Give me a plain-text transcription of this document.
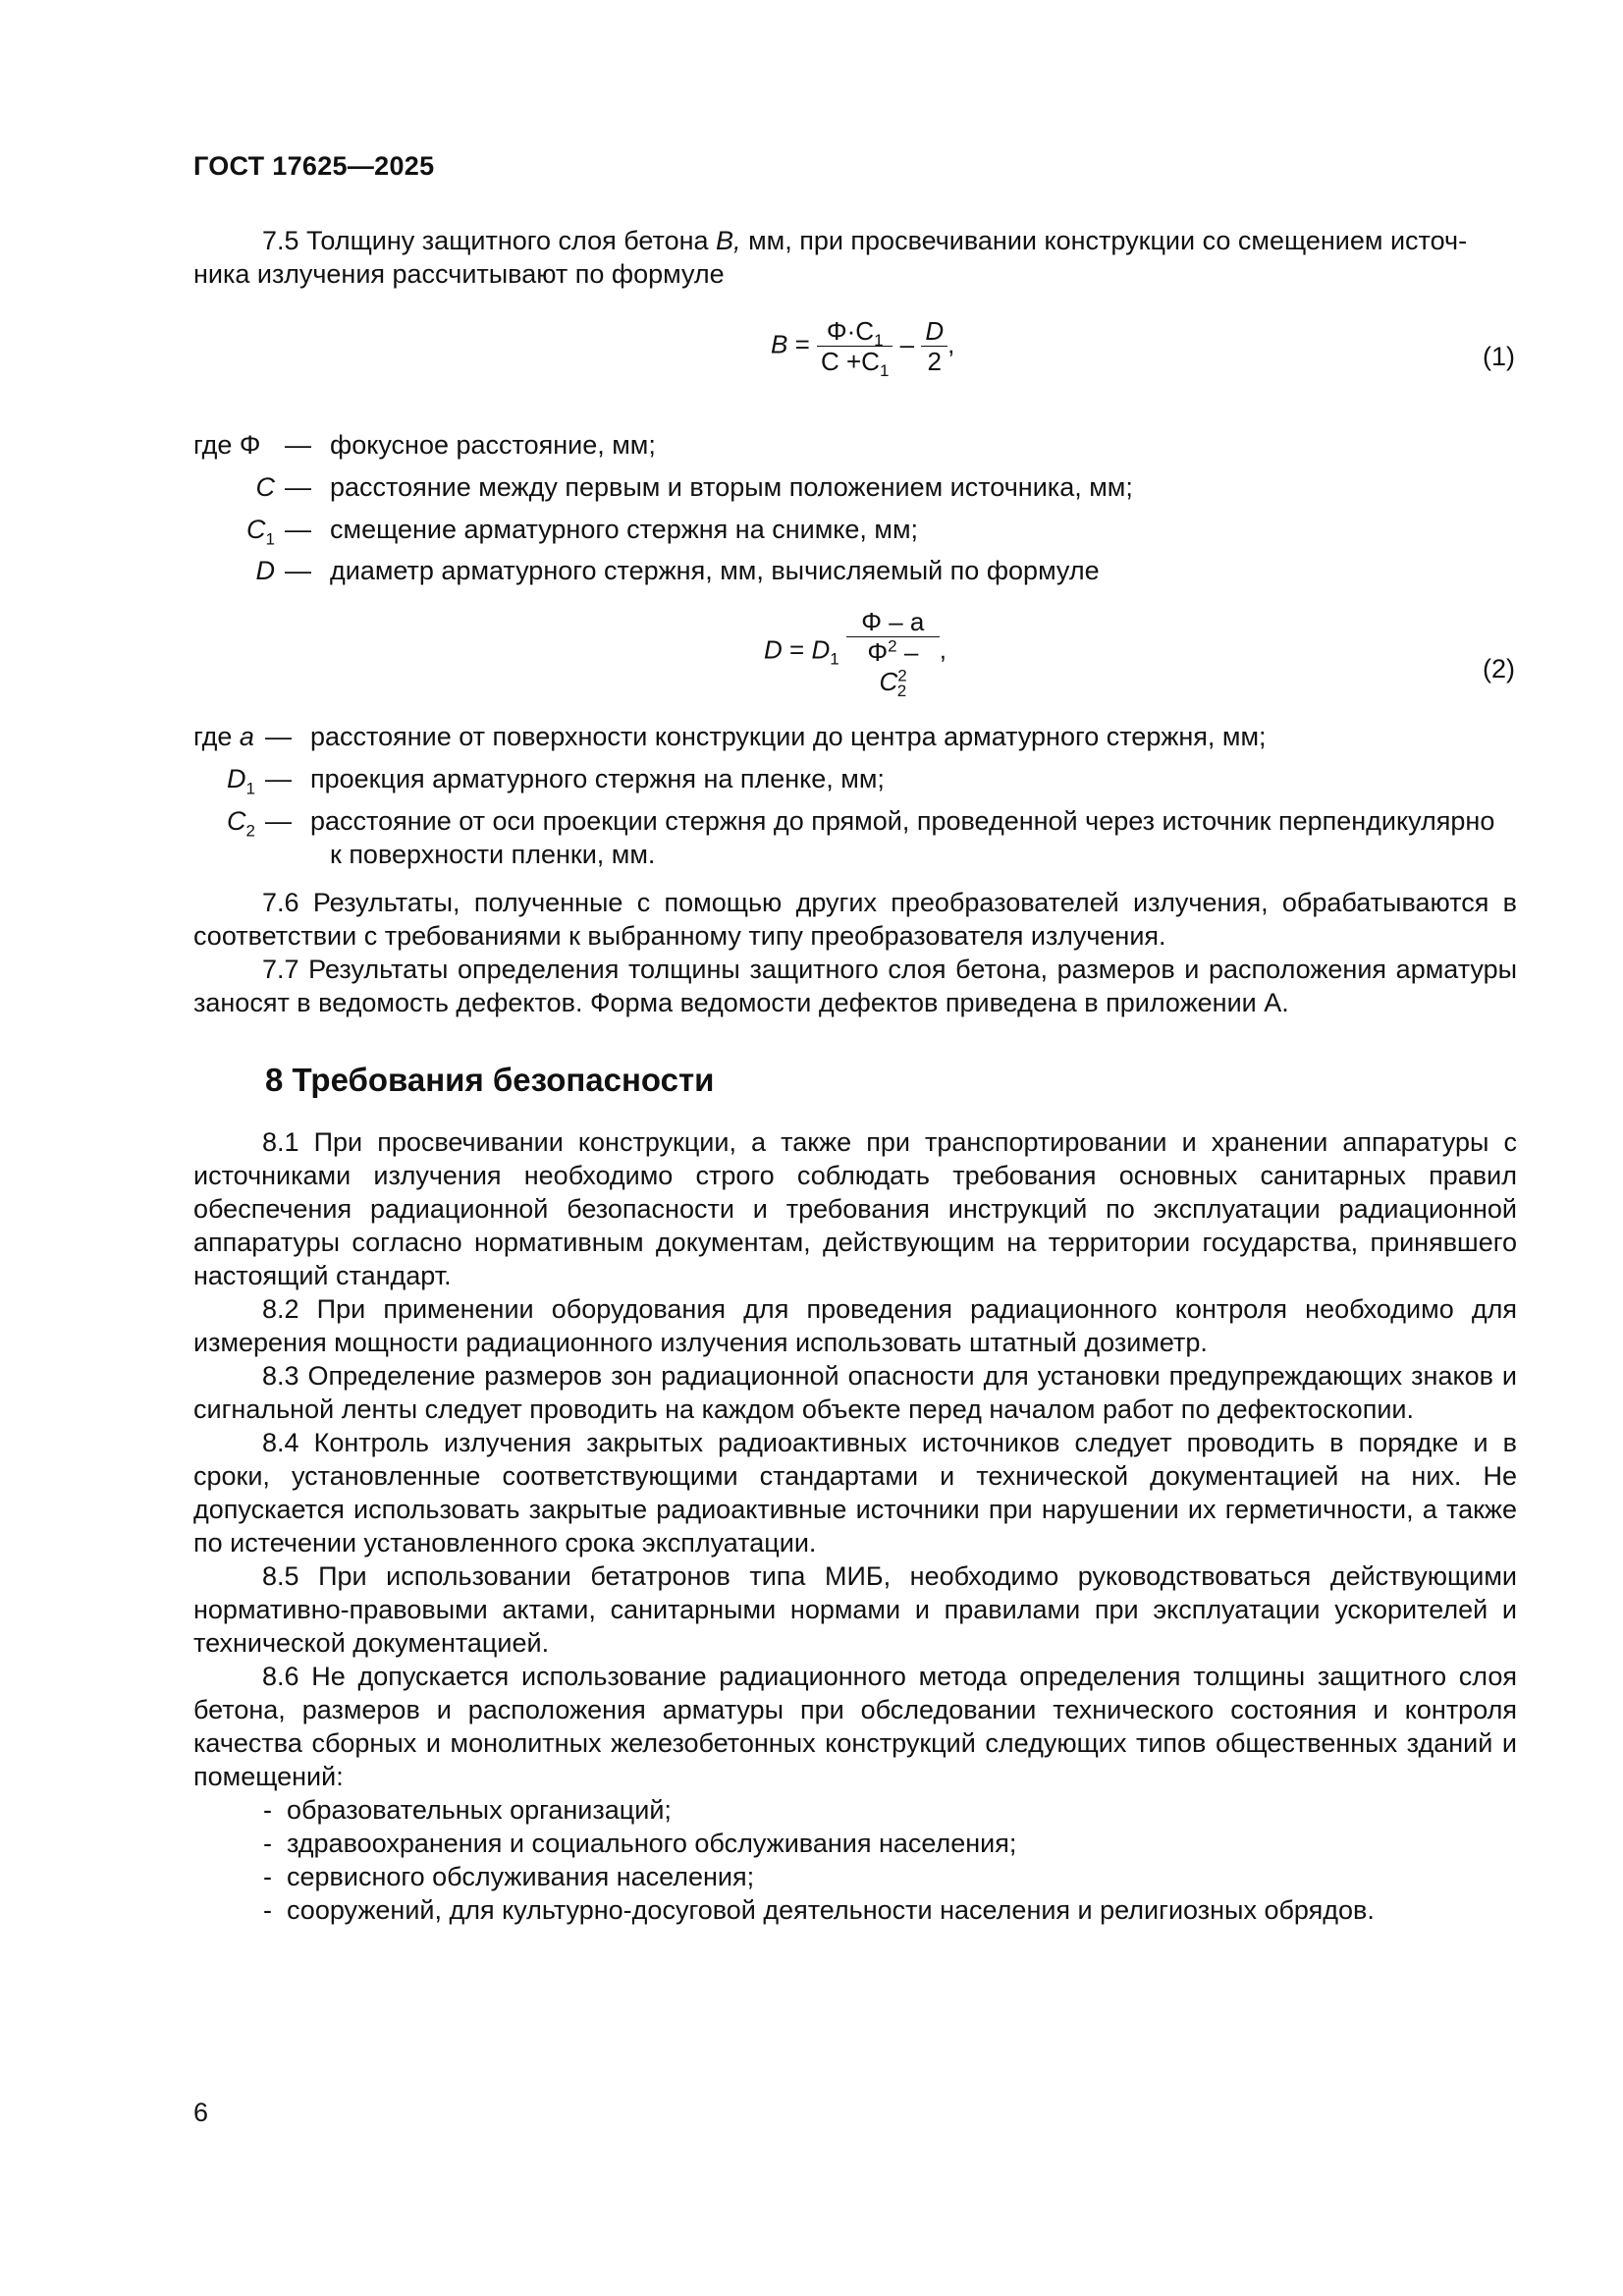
ГОСТ 17625—2025
7.5 Толщину защитного слоя бетона B, мм, при просвечивании конструкции со смещением источ-
ника излучения рассчитывают по формуле
$B = \frac{\Phi\cdot C_1}{C +C_1} - \frac{D}{2}$ ,	(1)
где Φ — фокусное расстояние, мм;
C — расстояние между первым и вторым положением источника, мм;
$C_1$ — смещение арматурного стержня на снимке, мм;
D — диаметр арматурного стержня, мм, вычисляемый по формуле
$D = D_1 \frac{\Phi - a}{\Phi^2 - C^2_2}$ ,
(2)
где a — расстояние от поверхности конструкции до центра арматурного стержня, мм;
$D_1$ — проекция арматурного стержня на пленке, мм;
$C_2$ — расстояние от оси проекции стержня до прямой, проведенной через источник перпендикулярно
к поверхности пленки, мм.
7.6 Результаты, полученные с помощью других преобразователей излучения, обрабатываются в соответствии с требованиями к выбранному типу преобразователя излучения.
7.7 Результаты определения толщины защитного слоя бетона, размеров и расположения арматуры заносят в ведомость дефектов. Форма ведомости дефектов приведена в приложении А.
8 Требования безопасности
8.1 При просвечивании конструкции, а также при транспортировании и хранении аппаратуры с источниками излучения необходимо строго соблюдать требования основных санитарных правил обеспечения радиационной безопасности и требования инструкций по эксплуатации радиационной аппаратуры согласно нормативным документам, действующим на территории государства, принявшего настоящий стандарт.
8.2 При применении оборудования для проведения радиационного контроля необходимо для измерения мощности радиационного излучения использовать штатный дозиметр.
8.3 Определение размеров зон радиационной опасности для установки предупреждающих знаков и сигнальной ленты следует проводить на каждом объекте перед началом работ по дефектоскопии.
8.4 Контроль излучения закрытых радиоактивных источников следует проводить в порядке и в сроки, установленные соответствующими стандартами и технической документацией на них. Не допускается использовать закрытые радиоактивные источники при нарушении их герметичности, а также по истечении установленного срока эксплуатации.
8.5 При использовании бетатронов типа МИБ, необходимо руководствоваться действующими нормативно-правовыми актами, санитарными нормами и правилами при эксплуатации ускорителей и технической документацией.
8.6 Не допускается использование радиационного метода определения толщины защитного слоя бетона, размеров и расположения арматуры при обследовании технического состояния и контроля качества сборных и монолитных железобетонных конструкций следующих типов общественных зданий и помещений:
- образовательных организаций;
- здравоохранения и социального обслуживания населения;
- сервисного обслуживания населения;
- сооружений, для культурно-досуговой деятельности населения и религиозных обрядов.
6
